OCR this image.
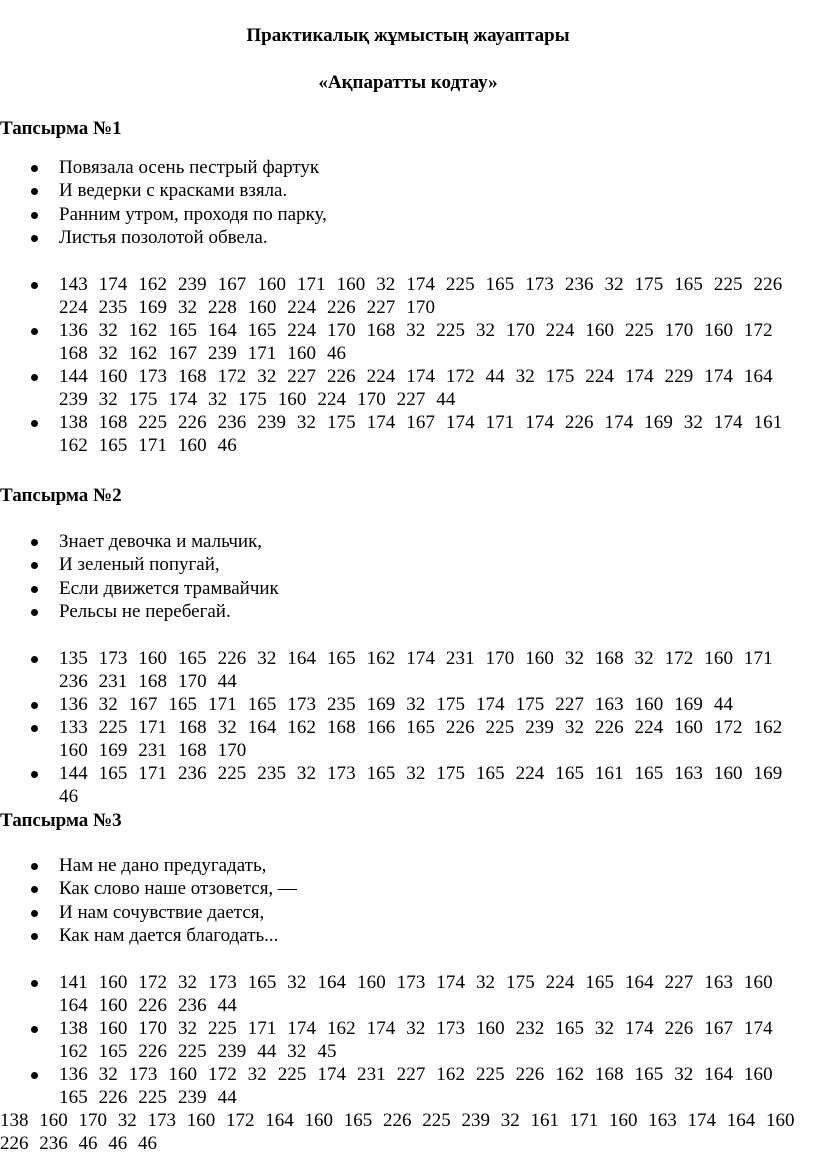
Практикалық жұмыстың жауаптары
«Ақпаратты кодтау»
Тапсырма №1
Повязала осень пестрый фартук
И ведерки с красками взяла.
Ранним утром, проходя по парку,
Листья позолотой обвела.
143 174 162 239 167 160 171 160 32 174 225 165 173 236 32 175 165 225 226 224 235 169 32 228 160 224 226 227 170
136 32 162 165 164 165 224 170 168 32 225 32 170 224 160 225 170 160 172 168 32 162 167 239 171 160 46
144 160 173 168 172 32 227 226 224 174 172 44 32 175 224 174 229 174 164 239 32 175 174 32 175 160 224 170 227 44
138 168 225 226 236 239 32 175 174 167 174 171 174 226 174 169 32 174 161 162 165 171 160 46
Тапсырма №2
Знает девочка и мальчик,
И зеленый попугай,
Если движется трамвайчик
Рельсы не перебегай.
135 173 160 165 226 32 164 165 162 174 231 170 160 32 168 32 172 160 171 236 231 168 170 44
136 32 167 165 171 165 173 235 169 32 175 174 175 227 163 160 169 44
133 225 171 168 32 164 162 168 166 165 226 225 239 32 226 224 160 172 162 160 169 231 168 170
144 165 171 236 225 235 32 173 165 32 175 165 224 165 161 165 163 160 169 46
Тапсырма №3
Нам не дано предугадать,
Как слово наше отзовется, —
И нам сочувствие дается,
Как нам дается благодать...
141 160 172 32 173 165 32 164 160 173 174 32 175 224 165 164 227 163 160 164 160 226 236 44
138 160 170 32 225 171 174 162 174 32 173 160 232 165 32 174 226 167 174 162 165 226 225 239 44 32 45
136 32 173 160 172 32 225 174 231 227 162 225 226 162 168 165 32 164 160 165 226 225 239 44
138 160 170 32 173 160 172 164 160 165 226 225 239 32 161 171 160 163 174 164 160 226 236 46 46 46
